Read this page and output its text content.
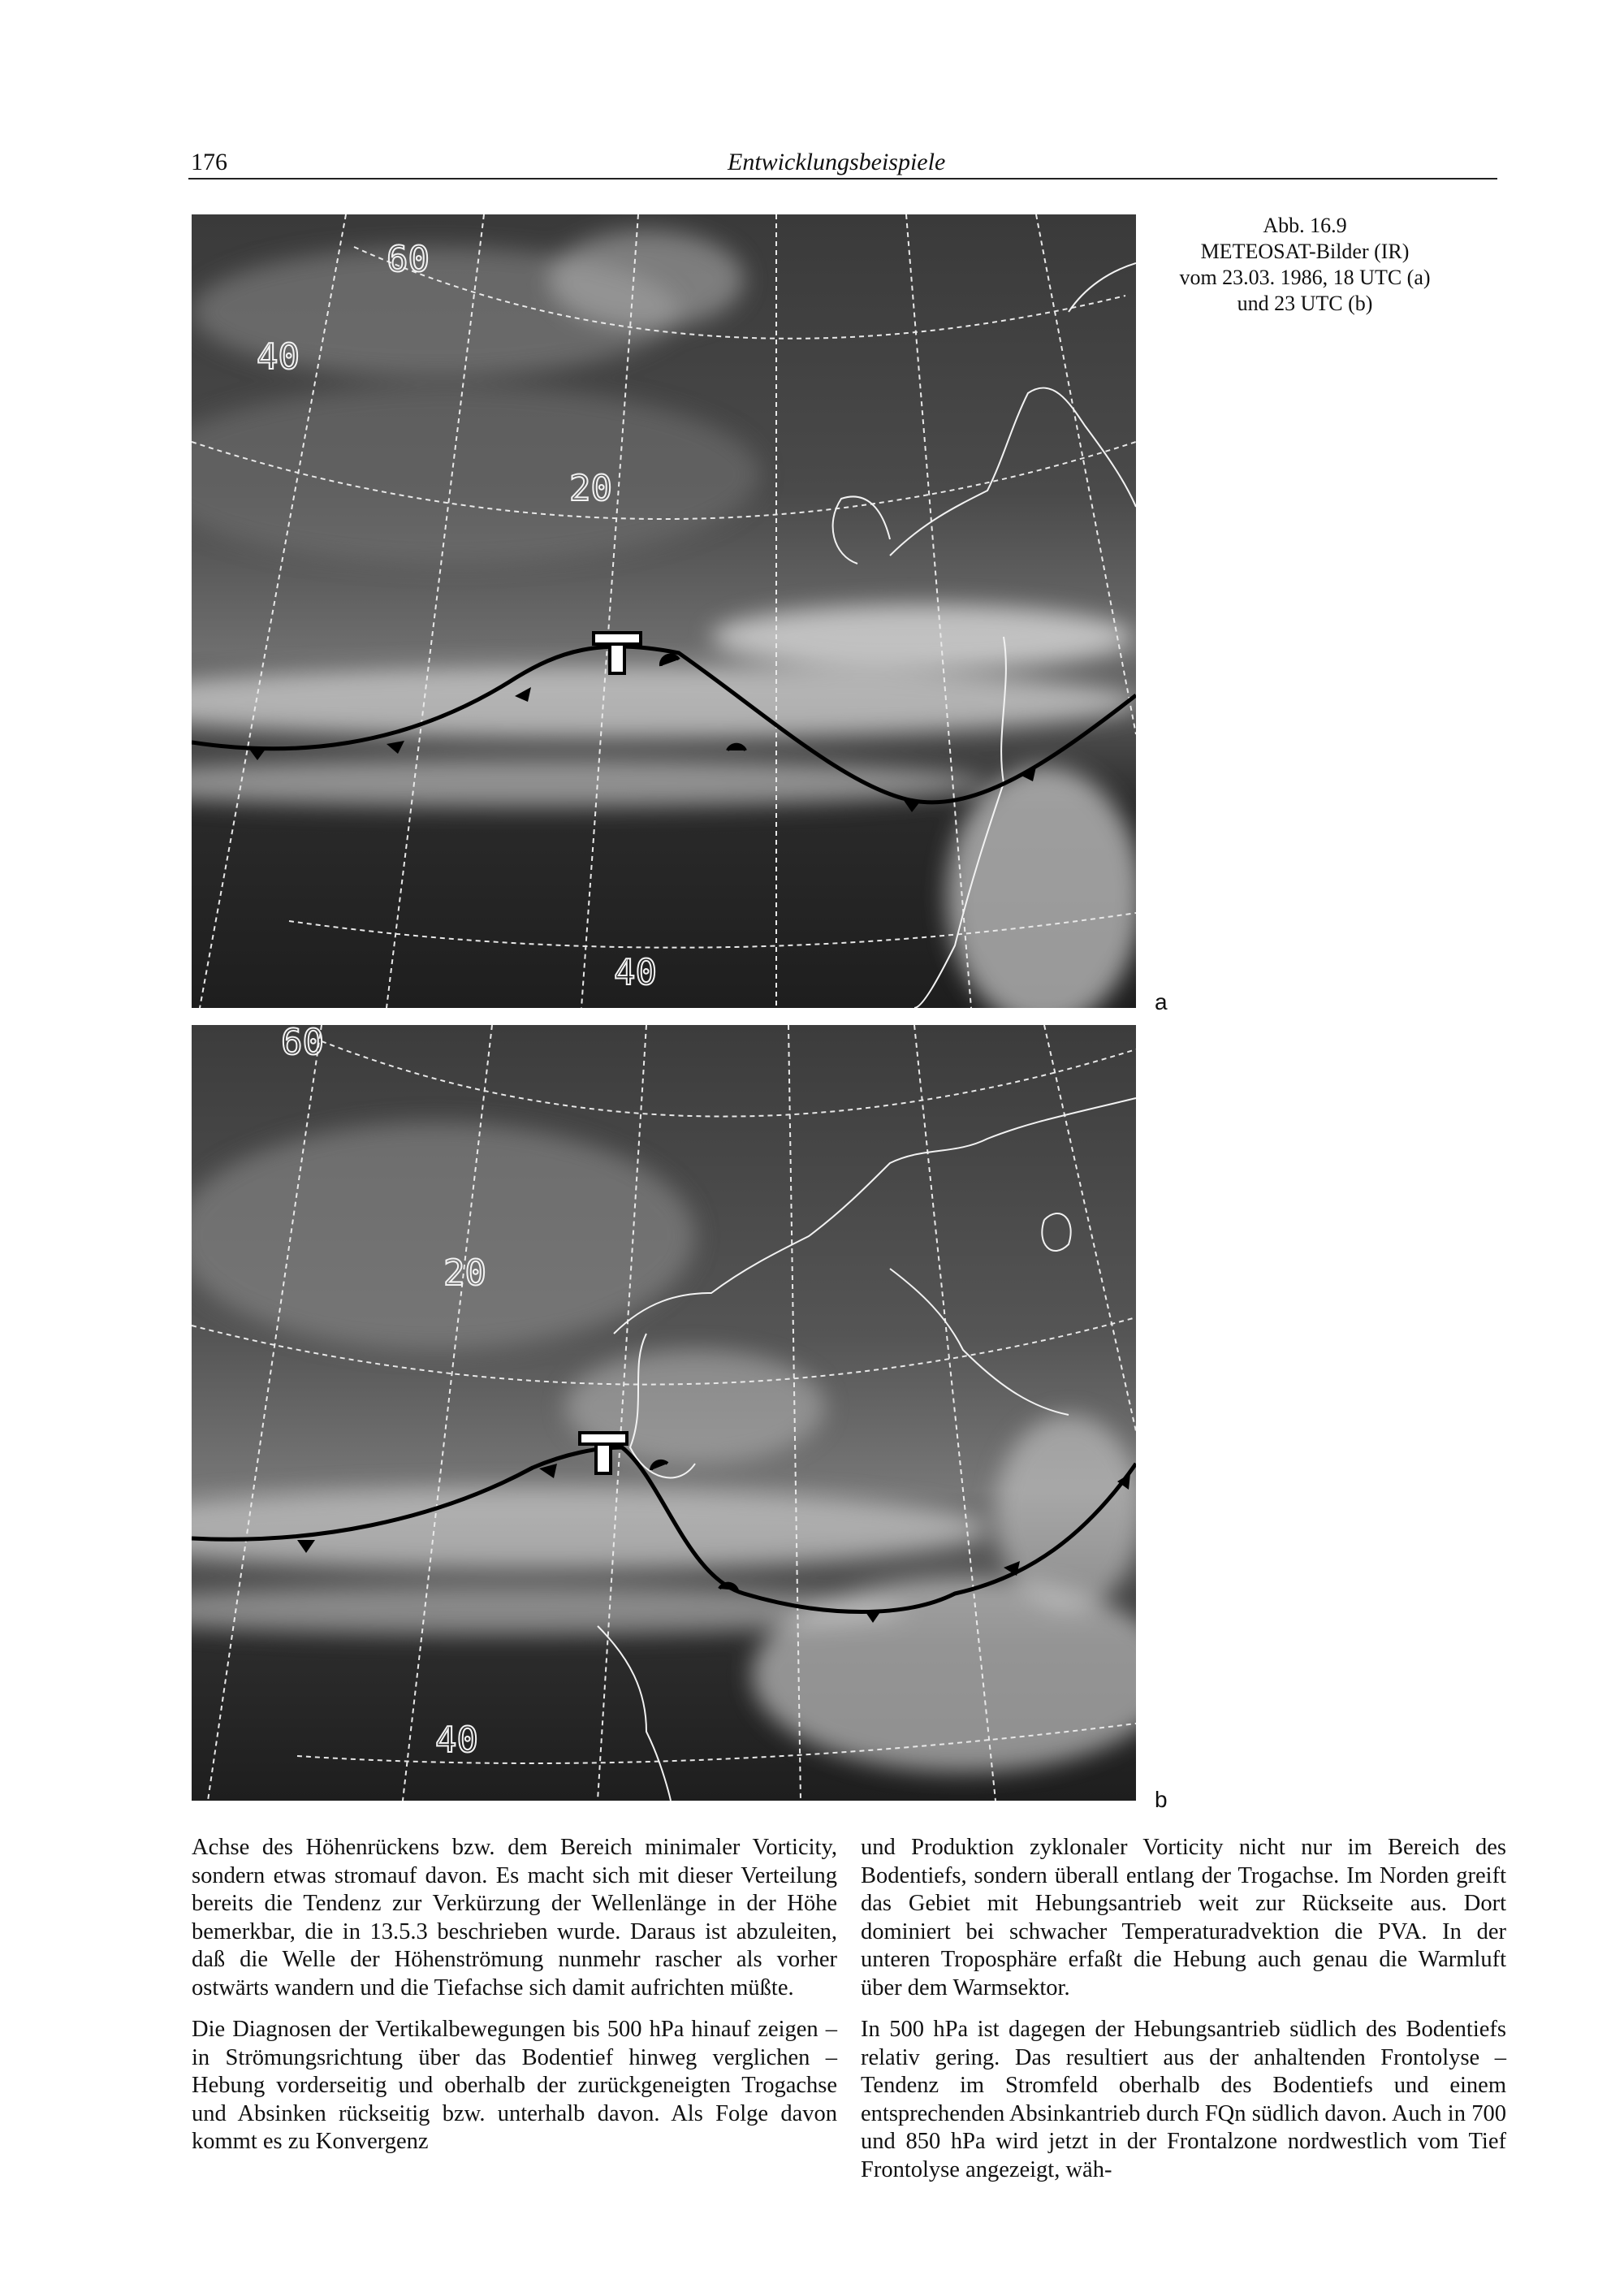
176	Entwicklungsbeispiele
Abb. 16.9
METEOSAT-Bilder (IR)
vom 23.03. 1986, 18 UTC (a)
und 23 UTC (b)
60
40
20
40
a
60
20
40
b

Achse des Höhenrückens bzw. dem Bereich minimaler Vorticity, sondern etwas stromauf davon. Es macht sich mit dieser Verteilung bereits die Tendenz zur Verkürzung der Wellenlänge in der Höhe bemerkbar, die in 13.5.3 beschrieben wurde. Daraus ist abzuleiten, daß die Welle der Höhenströmung nunmehr rascher als vorher ostwärts wandern und die Tiefachse sich damit aufrichten müßte.

Die Diagnosen der Vertikalbewegungen bis 500 hPa hinauf zeigen – in Strömungsrichtung über das Bodentief hinweg verglichen – Hebung vorderseitig und oberhalb der zurückgeneigten Trogachse und Absinken rückseitig bzw. unterhalb davon. Als Folge davon kommt es zu Konvergenz

und Produktion zyklonaler Vorticity nicht nur im Bereich des Bodentiefs, sondern überall entlang der Trogachse. Im Norden greift das Gebiet mit Hebungsantrieb weit zur Rückseite aus. Dort dominiert bei schwacher Temperaturadvektion die PVA. In der unteren Troposphäre erfaßt die Hebung auch genau die Warmluft über dem Warmsektor.

In 500 hPa ist dagegen der Hebungsantrieb südlich des Bodentiefs relativ gering. Das resultiert aus der anhaltenden Frontolyse – Tendenz im Stromfeld oberhalb des Bodentiefs und einem entsprechenden Absinkantrieb durch FQn südlich davon. Auch in 700 und 850 hPa wird jetzt in der Frontalzone nordwestlich vom Tief Frontolyse angezeigt, wäh-
